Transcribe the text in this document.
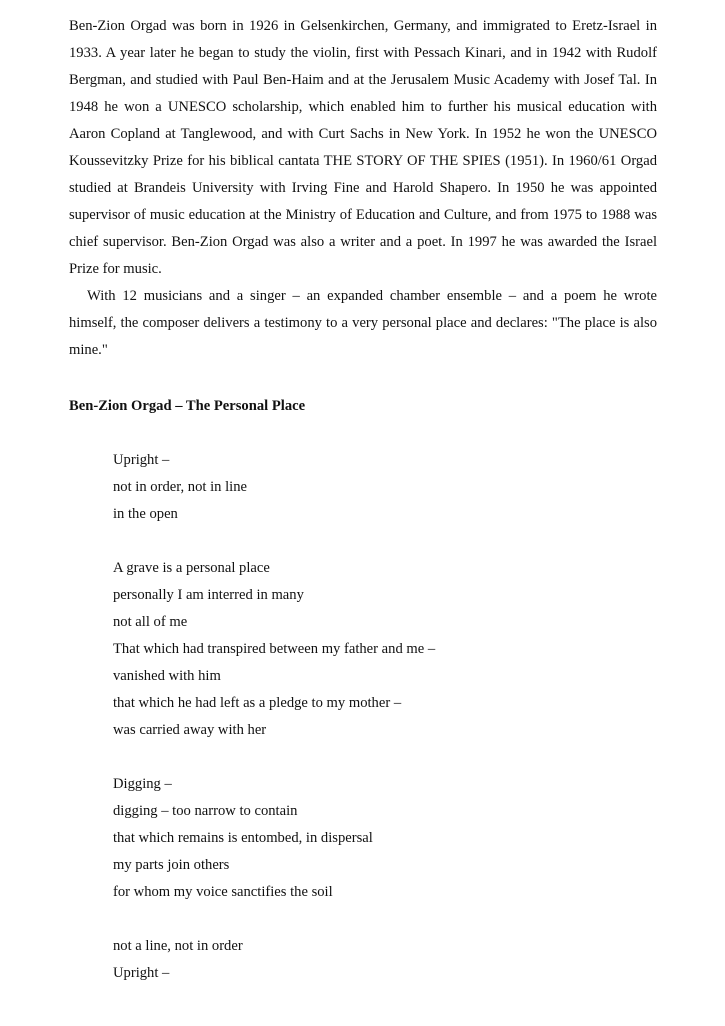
Ben-Zion Orgad was born in 1926 in Gelsenkirchen, Germany, and immigrated to Eretz-Israel in 1933. A year later he began to study the violin, first with Pessach Kinari, and in 1942 with Rudolf Bergman, and studied with Paul Ben-Haim and at the Jerusalem Music Academy with Josef Tal. In 1948 he won a UNESCO scholarship, which enabled him to further his musical education with Aaron Copland at Tanglewood, and with Curt Sachs in New York. In 1952 he won the UNESCO Koussevitzky Prize for his biblical cantata THE STORY OF THE SPIES (1951). In 1960/61 Orgad studied at Brandeis University with Irving Fine and Harold Shapero. In 1950 he was appointed supervisor of music education at the Ministry of Education and Culture, and from 1975 to 1988 was chief supervisor. Ben-Zion Orgad was also a writer and a poet. In 1997 he was awarded the Israel Prize for music.

With 12 musicians and a singer – an expanded chamber ensemble – and a poem he wrote himself, the composer delivers a testimony to a very personal place and declares: "The place is also mine."

Ben-Zion Orgad – The Personal Place
Upright –
not in order, not in line
in the open
A grave is a personal place
personally I am interred in many
not all of me
That which had transpired between my father and me –
vanished with him
that which he had left as a pledge to my mother –
was carried away with her
Digging –
digging – too narrow to contain
that which remains is entombed, in dispersal
my parts join others
for whom my voice sanctifies the soil
not a line, not in order
Upright –
